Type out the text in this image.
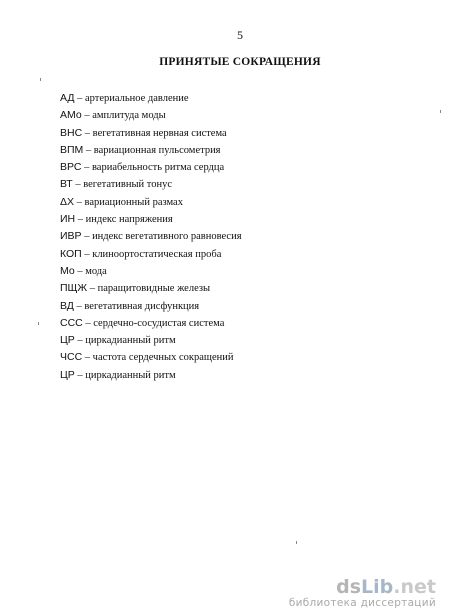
5
ПРИНЯТЫЕ СОКРАЩЕНИЯ
АД – артериальное давление
АМо – амплитуда моды
ВНС – вегетативная нервная система
ВПМ – вариационная пульсометрия
ВРС – вариабельность ритма сердца
ВТ – вегетативный тонус
ΔХ – вариационный размах
ИН – индекс напряжения
ИВР – индекс вегетативного равновесия
КОП – клиноортостатическая проба
Мо – мода
ПЩЖ – паращитовидные железы
ВД – вегетативная дисфункция
ССС – сердечно-сосудистая система
ЦР – циркадианный ритм
ЧСС – частота сердечных сокращений
ЦР – циркадианный ритм
dsLib.net
библиотека диссертаций
